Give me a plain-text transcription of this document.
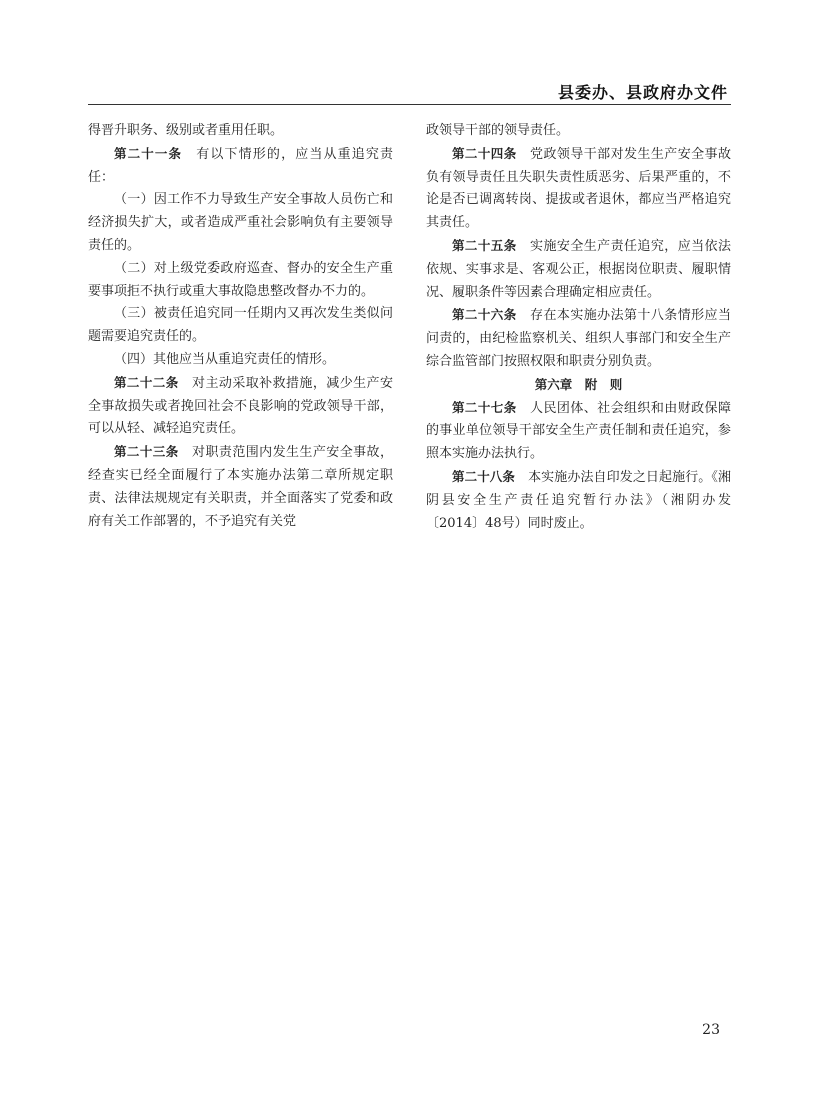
县委办、县政府办文件

得晋升职务、级别或者重用任职。

第二十一条　有以下情形的，应当从重追究责任：

（一）因工作不力导致生产安全事故人员伤亡和经济损失扩大，或者造成严重社会影响负有主要领导责任的。

（二）对上级党委政府巡查、督办的安全生产重要事项拒不执行或重大事故隐患整改督办不力的。

（三）被责任追究同一任期内又再次发生类似问题需要追究责任的。

（四）其他应当从重追究责任的情形。

第二十二条　对主动采取补救措施，减少生产安全事故损失或者挽回社会不良影响的党政领导干部，可以从轻、减轻追究责任。

第二十三条　对职责范围内发生生产安全事故，经查实已经全面履行了本实施办法第二章所规定职责、法律法规规定有关职责，并全面落实了党委和政府有关工作部署的，不予追究有关党

政领导干部的领导责任。

第二十四条　党政领导干部对发生生产安全事故负有领导责任且失职失责性质恶劣、后果严重的，不论是否已调离转岗、提拔或者退休，都应当严格追究其责任。

第二十五条　实施安全生产责任追究，应当依法依规、实事求是、客观公正，根据岗位职责、履职情况、履职条件等因素合理确定相应责任。

第二十六条　存在本实施办法第十八条情形应当问责的，由纪检监察机关、组织人事部门和安全生产综合监管部门按照权限和职责分别负责。

第六章　附　则

第二十七条　人民团体、社会组织和由财政保障的事业单位领导干部安全生产责任制和责任追究，参照本实施办法执行。

第二十八条　本实施办法自印发之日起施行。《湘阴县安全生产责任追究暂行办法》（湘阴办发〔2014〕48号）同时废止。

23
